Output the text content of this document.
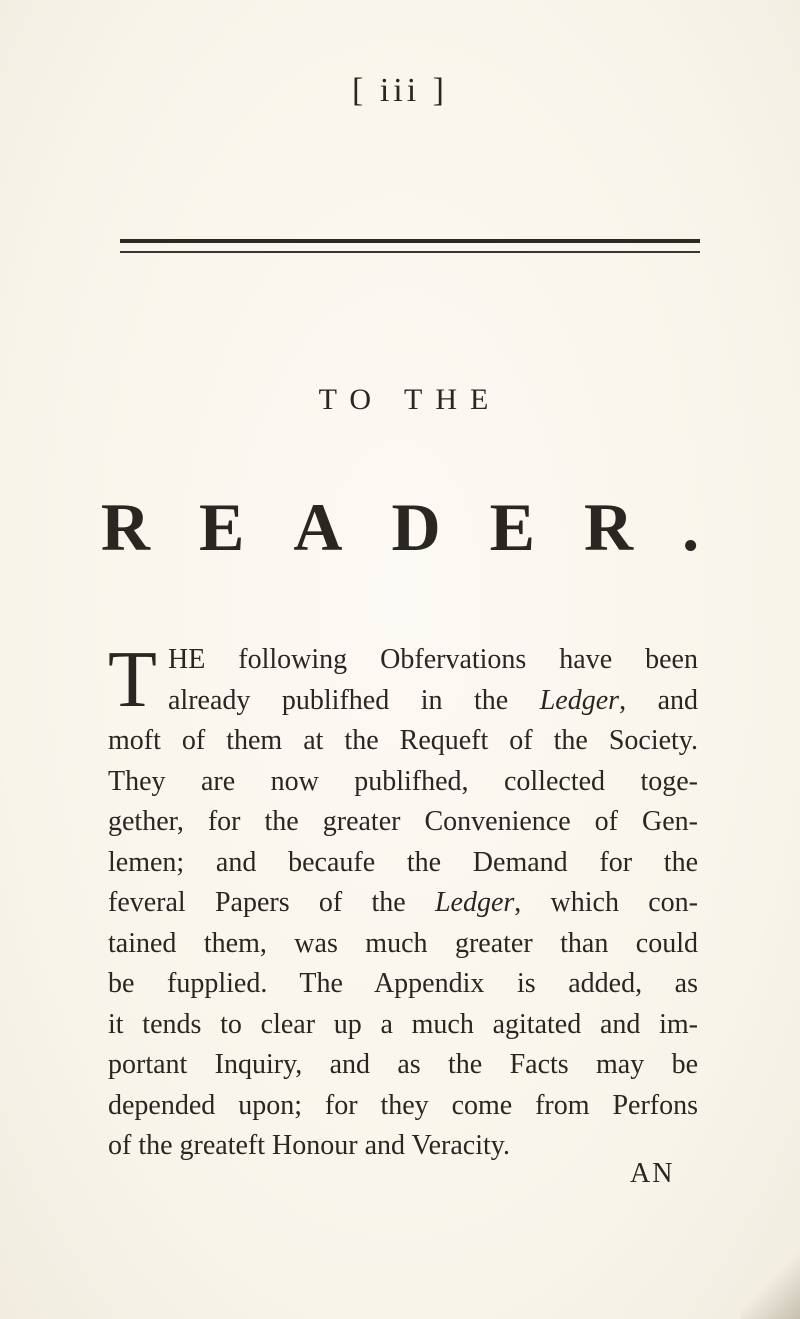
[ iii ]
TO THE
READER.
T HE following Obfervations have been
already publifhed in the Ledger, and
moft of them at the Requeft of the Society.
They are now publifhed, collected toge-
gether, for the greater Convenience of Gen-
lemen; and becaufe the Demand for the
feveral Papers of the Ledger, which con-
tained them, was much greater than could
be fupplied. The Appendix is added, as
it tends to clear up a much agitated and im-
portant Inquiry, and as the Facts may be
depended upon; for they come from Perfons
of the greateft Honour and Veracity.
AN
